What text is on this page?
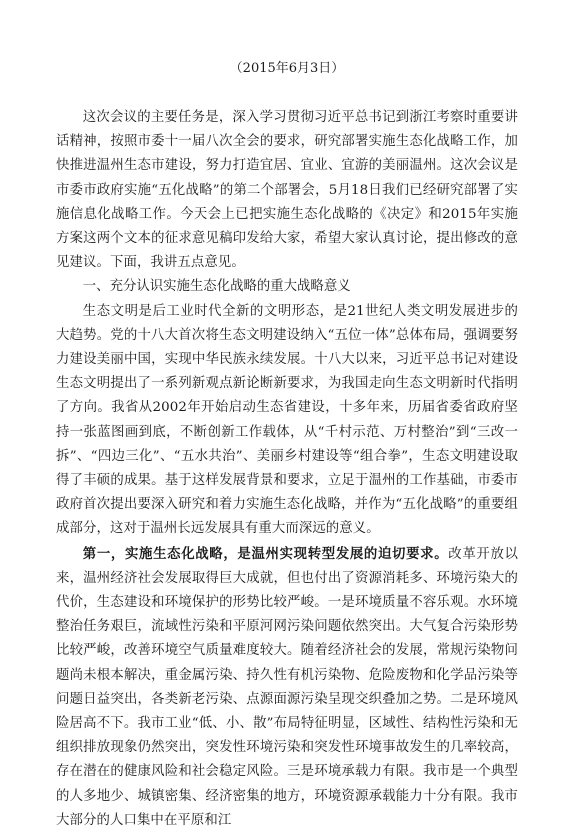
（2015年6月3日）

这次会议的主要任务是，深入学习贯彻习近平总书记到浙江考察时重要讲话精神，按照市委十一届八次全会的要求，研究部署实施生态化战略工作，加快推进温州生态市建设，努力打造宜居、宜业、宜游的美丽温州。这次会议是市委市政府实施“五化战略”的第二个部署会，5月18日我们已经研究部署了实施信息化战略工作。今天会上已把实施生态化战略的《决定》和2015年实施方案这两个文本的征求意见稿印发给大家，希望大家认真讨论，提出修改的意见建议。下面，我讲五点意见。

一、充分认识实施生态化战略的重大战略意义

生态文明是后工业时代全新的文明形态，是21世纪人类文明发展进步的大趋势。党的十八大首次将生态文明建设纳入“五位一体”总体布局，强调要努力建设美丽中国，实现中华民族永续发展。十八大以来，习近平总书记对建设生态文明提出了一系列新观点新论断新要求，为我国走向生态文明新时代指明了方向。我省从2002年开始启动生态省建设，十多年来，历届省委省政府坚持一张蓝图画到底，不断创新工作载体，从“千村示范、万村整治”到“三改一拆”、“四边三化”、“五水共治”、美丽乡村建设等“组合拳”，生态文明建设取得了丰硕的成果。基于这样发展背景和要求，立足于温州的工作基础，市委市政府首次提出要深入研究和着力实施生态化战略，并作为“五化战略”的重要组成部分，这对于温州长远发展具有重大而深远的意义。

第一，实施生态化战略，是温州实现转型发展的迫切要求。改革开放以来，温州经济社会发展取得巨大成就，但也付出了资源消耗多、环境污染大的代价，生态建设和环境保护的形势比较严峻。一是环境质量不容乐观。水环境整治任务艰巨，流域性污染和平原河网污染问题依然突出。大气复合污染形势比较严峻，改善环境空气质量难度较大。随着经济社会的发展，常规污染物问题尚未根本解决，重金属污染、持久性有机污染物、危险废物和化学品污染等问题日益突出，各类新老污染、点源面源污染呈现交织叠加之势。二是环境风险居高不下。我市工业“低、小、散”布局特征明显，区域性、结构性污染和无组织排放现象仍然突出，突发性环境污染和突发性环境事故发生的几率较高，存在潜在的健康风险和社会稳定风险。三是环境承载力有限。我市是一个典型的人多地少、城镇密集、经济密集的地方，环境资源承载能力十分有限。我市大部分的人口集中在平原和江
